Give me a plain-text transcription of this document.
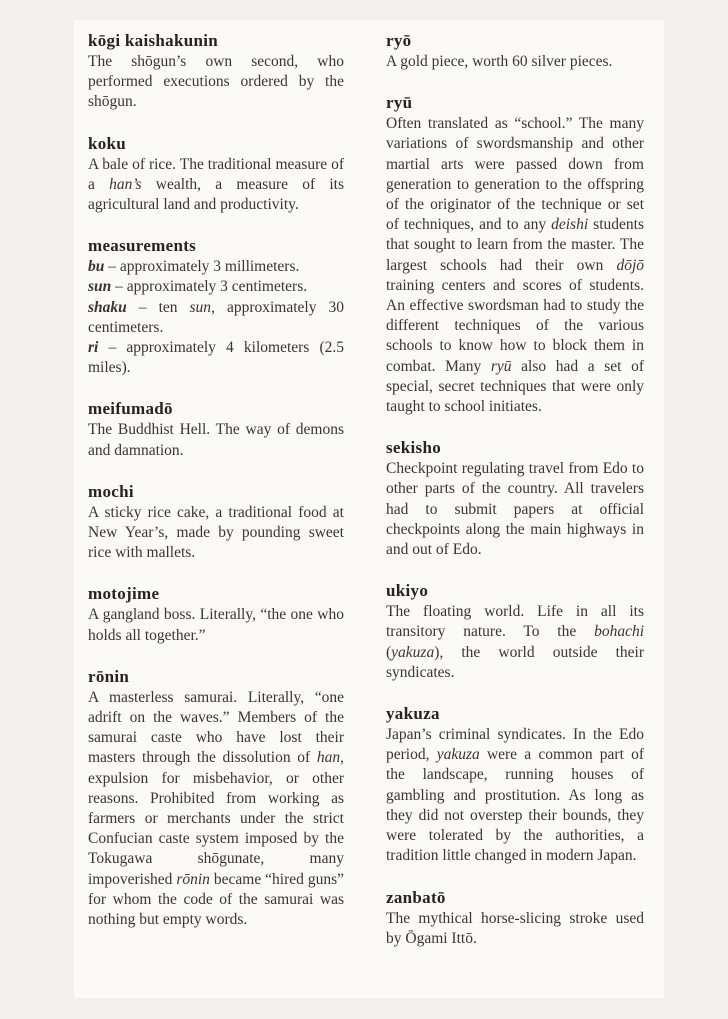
kōgi kaishakunin

The shōgun’s own second, who performed executions ordered by the shōgun.

koku

A bale of rice. The traditional measure of a han’s wealth, a measure of its agricultural land and productivity.

measurements

bu – approximately 3 millimeters.

sun – approximately 3 centimeters.

shaku – ten sun, approximately 30 centimeters.

ri – approximately 4 kilometers (2.5 miles).

meifumadō

The Buddhist Hell. The way of demons and damnation.

mochi

A sticky rice cake, a traditional food at New Year’s, made by pounding sweet rice with mallets.

motojime

A gangland boss. Literally, “the one who holds all together.”

rōnin

A masterless samurai. Literally, “one adrift on the waves.” Members of the samurai caste who have lost their masters through the dissolution of han, expulsion for misbehavior, or other reasons. Prohibited from working as farmers or merchants under the strict Confucian caste system imposed by the Tokugawa shōgunate, many impoverished rōnin became “hired guns” for whom the code of the samurai was nothing but empty words.

ryō

A gold piece, worth 60 silver pieces.

ryū

Often translated as “school.” The many variations of swordsmanship and other martial arts were passed down from generation to generation to the offspring of the originator of the technique or set of techniques, and to any deishi students that sought to learn from the master. The largest schools had their own dōjō training centers and scores of students. An effective swordsman had to study the different techniques of the various schools to know how to block them in combat. Many ryū also had a set of special, secret techniques that were only taught to school initiates.

sekisho

Checkpoint regulating travel from Edo to other parts of the country. All travelers had to submit papers at official checkpoints along the main highways in and out of Edo.

ukiyo

The floating world. Life in all its transitory nature. To the bohachi (yakuza), the world outside their syndicates.

yakuza

Japan’s criminal syndicates. In the Edo period, yakuza were a common part of the landscape, running houses of gambling and prostitution. As long as they did not overstep their bounds, they were tolerated by the authorities, a tradition little changed in modern Japan.

zanbatō

The mythical horse-slicing stroke used by Ōgami Ittō.
